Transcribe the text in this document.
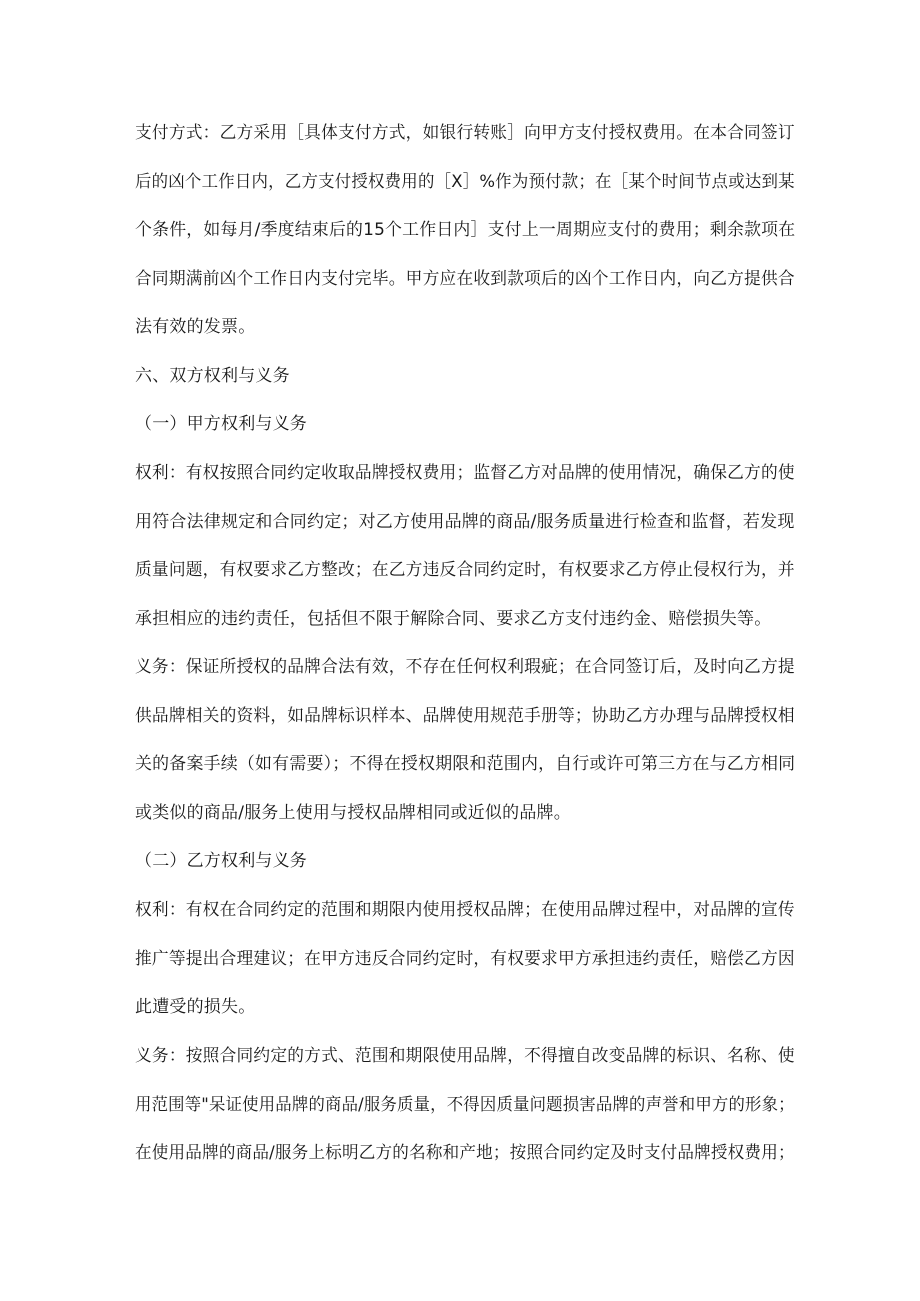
支付方式：乙方采用［具体支付方式，如银行转账］向甲方支付授权费用。在本合同签订 后的凶个工作日内，乙方支付授权费用的［X］%作为预付款；在［某个时间节点或达到某 个条件，如每月/季度结束后的15个工作日内］支付上一周期应支付的费用；剩余款项在 合同期满前凶个工作日内支付完毕。甲方应在收到款项后的凶个工作日内，向乙方提供合
法有效的发票。
六、双方权利与义务
（一）甲方权利与义务
权利：有权按照合同约定收取品牌授权费用；监督乙方对品牌的使用情况，确保乙方的使
用符合法律规定和合同约定；对乙方使用品牌的商品/服务质量进行检查和监督，若发现
质量问题，有权要求乙方整改；在乙方违反合同约定时，有权要求乙方停止侵权行为，并
承担相应的违约责任，包括但不限于解除合同、要求乙方支付违约金、赔偿损失等。
义务：保证所授权的品牌合法有效，不存在任何权利瑕疵；在合同签订后，及时向乙方提 供品牌相关的资料，如品牌标识样本、品牌使用规范手册等；协助乙方办理与品牌授权相 关的备案手续（如有需要）；不得在授权期限和范围内，自行或许可第三方在与乙方相同
或类似的商品/服务上使用与授权品牌相同或近似的品牌。
（二）乙方权利与义务
权利：有权在合同约定的范围和期限内使用授权品牌；在使用品牌过程中，对品牌的宣传 推广等提出合理建议；在甲方违反合同约定时，有权要求甲方承担违约责任，赔偿乙方因
此遭受的损失。
义务：按照合同约定的方式、范围和期限使用品牌，不得擅自改变品牌的标识、名称、使 用范围等"呆证使用品牌的商品/服务质量，不得因质量问题损害品牌的声誉和甲方的形象； 在使用品牌的商品/服务上标明乙方的名称和产地；按照合同约定及时支付品牌授权费用；
